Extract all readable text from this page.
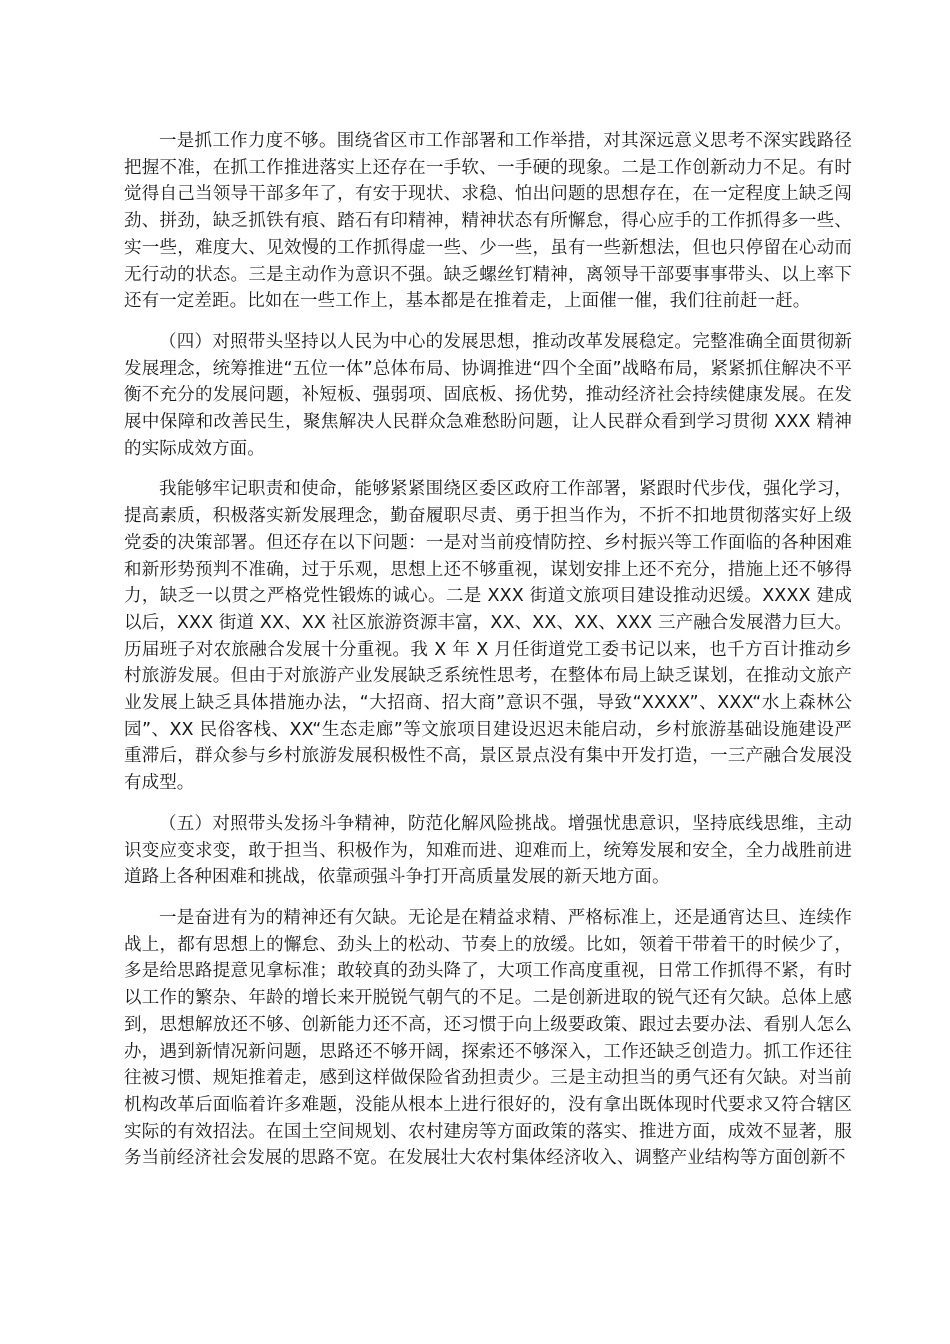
一是抓工作力度不够。围绕省区市工作部署和工作举措，对其深远意义思考不深实践路径把握不准，在抓工作推进落实上还存在一手软、一手硬的现象。二是工作创新动力不足。有时觉得自己当领导干部多年了，有安于现状、求稳、怕出问题的思想存在，在一定程度上缺乏闯劲、拼劲，缺乏抓铁有痕、踏石有印精神，精神状态有所懈怠，得心应手的工作抓得多一些、实一些，难度大、见效慢的工作抓得虚一些、少一些，虽有一些新想法，但也只停留在心动而无行动的状态。三是主动作为意识不强。缺乏螺丝钉精神，离领导干部要事事带头、以上率下还有一定差距。比如在一些工作上，基本都是在推着走，上面催一催，我们往前赶一赶。

（四）对照带头坚持以人民为中心的发展思想，推动改革发展稳定。完整准确全面贯彻新发展理念，统筹推进“五位一体”总体布局、协调推进“四个全面”战略布局，紧紧抓住解决不平衡不充分的发展问题，补短板、强弱项、固底板、扬优势，推动经济社会持续健康发展。在发展中保障和改善民生，聚焦解决人民群众急难愁盼问题，让人民群众看到学习贯彻 XXX 精神的实际成效方面。

我能够牢记职责和使命，能够紧紧围绕区委区政府工作部署，紧跟时代步伐，强化学习，提高素质，积极落实新发展理念，勤奋履职尽责、勇于担当作为，不折不扣地贯彻落实好上级党委的决策部署。但还存在以下问题：一是对当前疫情防控、乡村振兴等工作面临的各种困难和新形势预判不准确，过于乐观，思想上还不够重视，谋划安排上还不充分，措施上还不够得力，缺乏一以贯之严格党性锻炼的诚心。二是 XXX 街道文旅项目建设推动迟缓。XXXX 建成以后，XXX 街道 XX、XX 社区旅游资源丰富，XX、XX、XX、XXX 三产融合发展潜力巨大。历届班子对农旅融合发展十分重视。我 X 年 X 月任街道党工委书记以来，也千方百计推动乡村旅游发展。但由于对旅游产业发展缺乏系统性思考，在整体布局上缺乏谋划，在推动文旅产业发展上缺乏具体措施办法，“大招商、招大商”意识不强，导致“XXXX”、XXX“水上森林公园”、XX 民俗客栈、XX“生态走廊”等文旅项目建设迟迟未能启动，乡村旅游基础设施建设严重滞后，群众参与乡村旅游发展积极性不高，景区景点没有集中开发打造，一三产融合发展没有成型。

（五）对照带头发扬斗争精神，防范化解风险挑战。增强忧患意识，坚持底线思维，主动识变应变求变，敢于担当、积极作为，知难而进、迎难而上，统筹发展和安全，全力战胜前进道路上各种困难和挑战，依靠顽强斗争打开高质量发展的新天地方面。

一是奋进有为的精神还有欠缺。无论是在精益求精、严格标准上，还是通宵达旦、连续作战上，都有思想上的懈怠、劲头上的松动、节奏上的放缓。比如，领着干带着干的时候少了，多是给思路提意见拿标准；敢较真的劲头降了，大项工作高度重视，日常工作抓得不紧，有时以工作的繁杂、年龄的增长来开脱锐气朝气的不足。二是创新进取的锐气还有欠缺。总体上感到，思想解放还不够、创新能力还不高，还习惯于向上级要政策、跟过去要办法、看别人怎么办，遇到新情况新问题，思路还不够开阔，探索还不够深入，工作还缺乏创造力。抓工作还往往被习惯、规矩推着走，感到这样做保险省劲担责少。三是主动担当的勇气还有欠缺。对当前机构改革后面临着许多难题，没能从根本上进行很好的，没有拿出既体现时代要求又符合辖区实际的有效招法。在国土空间规划、农村建房等方面政策的落实、推进方面，成效不显著，服务当前经济社会发展的思路不宽。在发展壮大农村集体经济收入、调整产业结构等方面创新不
